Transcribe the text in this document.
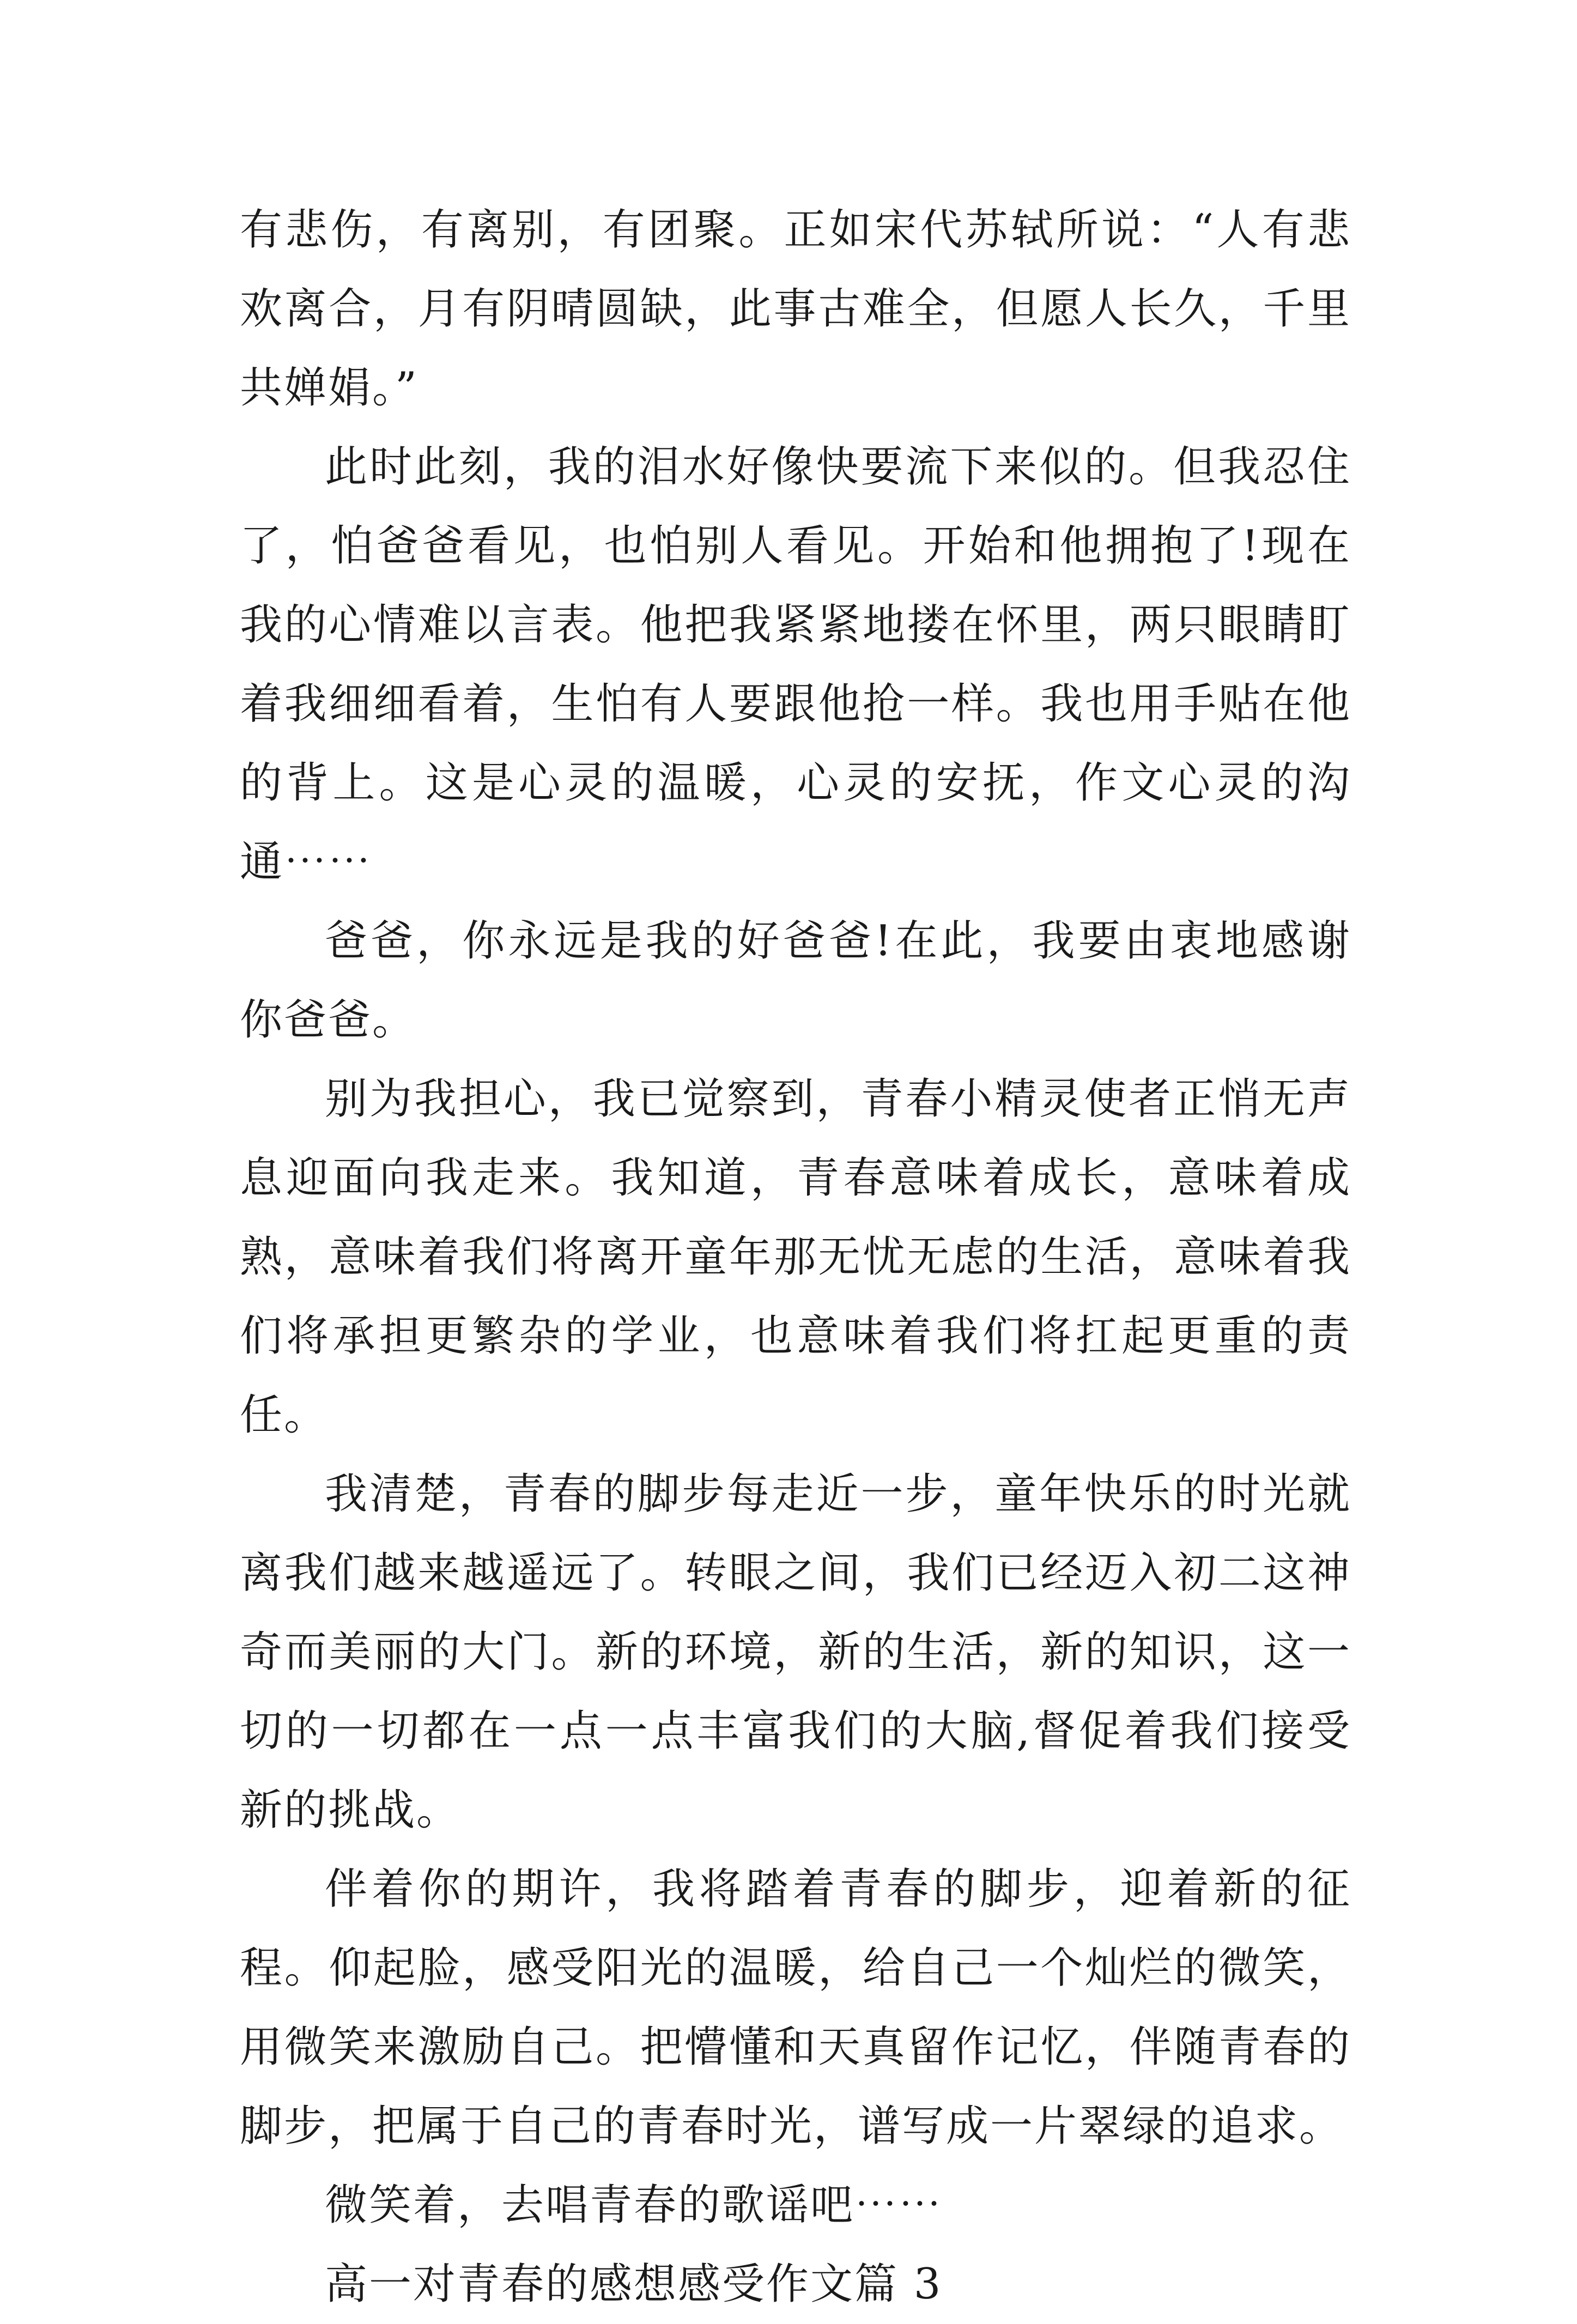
有悲伤，有离别，有团聚。正如宋代苏轼所说：“人有悲欢离合，月有阴晴圆缺，此事古难全，但愿人长久，千里共婵娟。”

此时此刻，我的泪水好像快要流下来似的。但我忍住了，怕爸爸看见，也怕别人看见。开始和他拥抱了!现在我的心情难以言表。他把我紧紧地搂在怀里，两只眼睛盯着我细细看着，生怕有人要跟他抢一样。我也用手贴在他的背上。这是心灵的温暖，心灵的安抚，作文心灵的沟通⋯⋯

爸爸，你永远是我的好爸爸!在此，我要由衷地感谢你爸爸。

别为我担心，我已觉察到，青春小精灵使者正悄无声息迎面向我走来。我知道，青春意味着成长，意味着成熟，意味着我们将离开童年那无忧无虑的生活，意味着我们将承担更繁杂的学业，也意味着我们将扛起更重的责任。

我清楚，青春的脚步每走近一步，童年快乐的时光就离我们越来越遥远了。转眼之间，我们已经迈入初二这神奇而美丽的大门。新的环境，新的生活，新的知识，这一切的一切都在一点一点丰富我们的大脑,督促着我们接受新的挑战。

伴着你的期许，我将踏着青春的脚步，迎着新的征程。仰起脸，感受阳光的温暖，给自己一个灿烂的微笑，用微笑来激励自己。把懵懂和天真留作记忆，伴随青春的脚步，把属于自己的青春时光，谱写成一片翠绿的追求。

微笑着，去唱青春的歌谣吧⋯⋯

高一对青春的感想感受作文篇 3
